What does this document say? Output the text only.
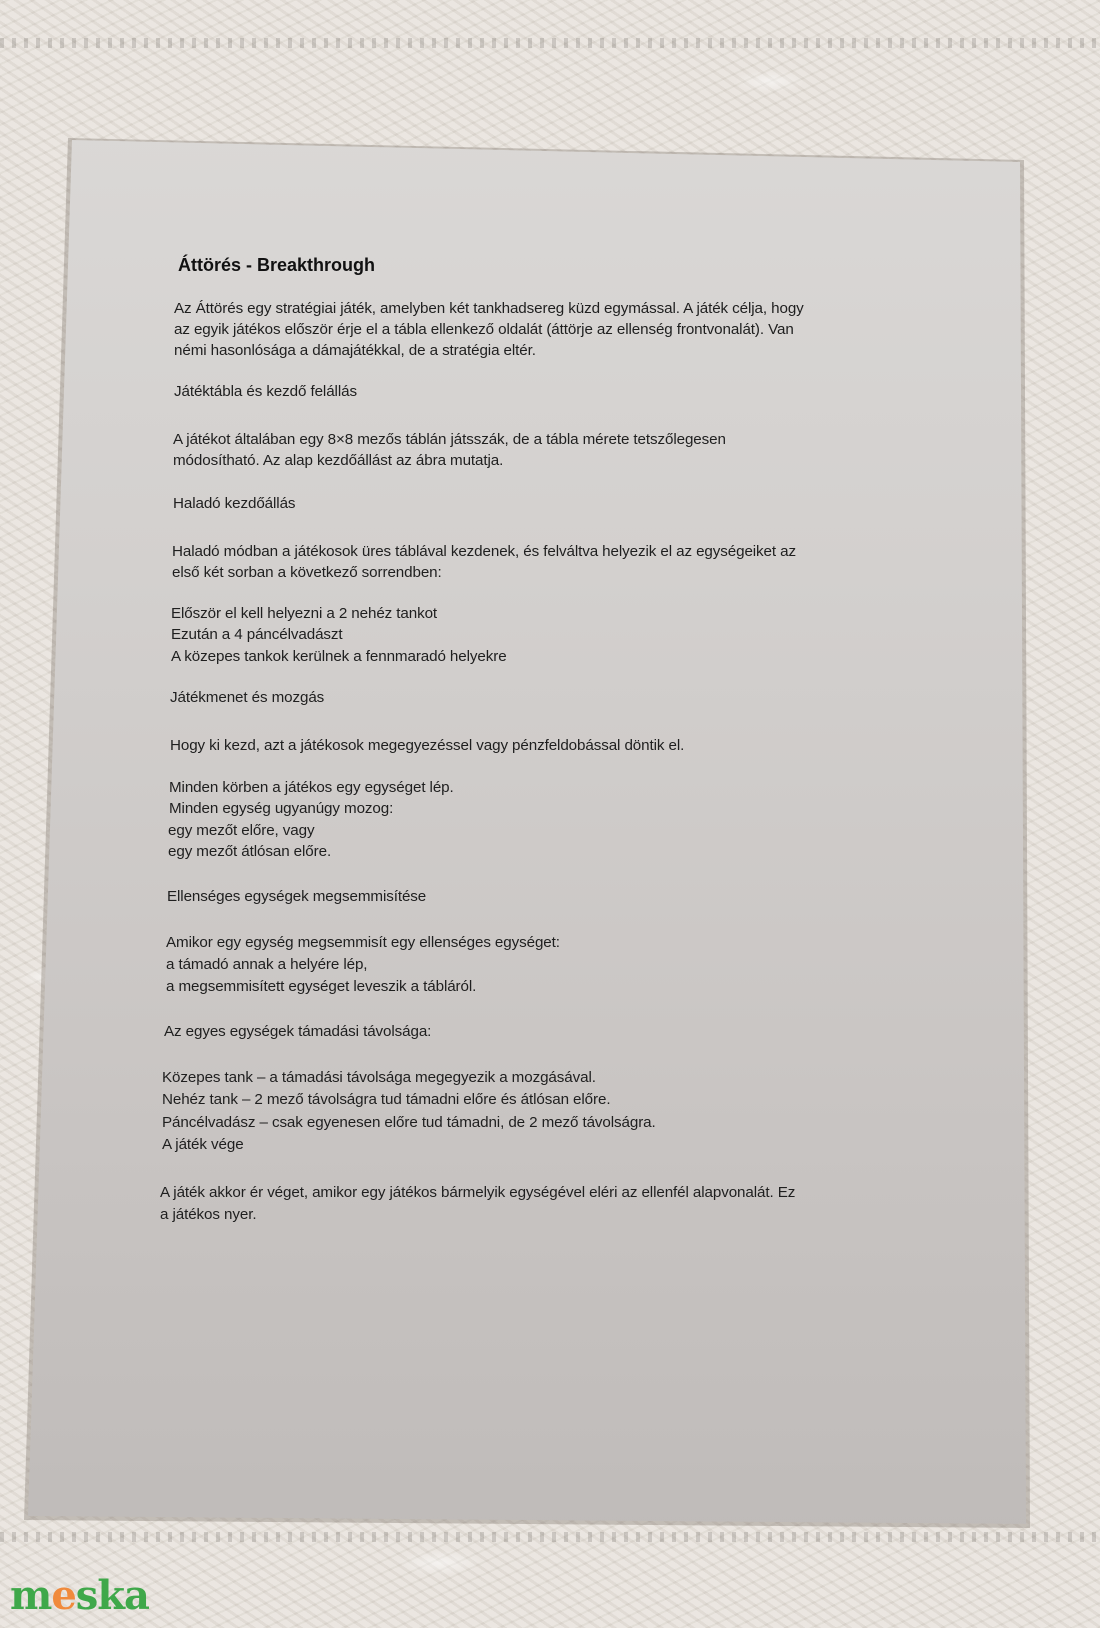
Áttörés - Breakthrough
Az Áttörés egy stratégiai játék, amelyben két tankhadsereg küzd egymással. A játék célja, hogy
az egyik játékos először érje el a tábla ellenkező oldalát (áttörje az ellenség frontvonalát). Van
némi hasonlósága a dámajátékkal, de a stratégia eltér.
Játéktábla és kezdő felállás
A játékot általában egy 8×8 mezős táblán játsszák, de a tábla mérete tetszőlegesen
módosítható. Az alap kezdőállást az ábra mutatja.
Haladó kezdőállás
Haladó módban a játékosok üres táblával kezdenek, és felváltva helyezik el az egységeiket az
első két sorban a következő sorrendben:
Először el kell helyezni a 2 nehéz tankot
Ezután a 4 páncélvadászt
A közepes tankok kerülnek a fennmaradó helyekre
Játékmenet és mozgás
Hogy ki kezd, azt a játékosok megegyezéssel vagy pénzfeldobással döntik el.
Minden körben a játékos egy egységet lép.
Minden egység ugyanúgy mozog:
egy mezőt előre, vagy
egy mezőt átlósan előre.
Ellenséges egységek megsemmisítése
Amikor egy egység megsemmisít egy ellenséges egységet:
a támadó annak a helyére lép,
a megsemmisített egységet leveszik a tábláról.
Az egyes egységek támadási távolsága:
Közepes tank – a támadási távolsága megegyezik a mozgásával.
Nehéz tank – 2 mező távolságra tud támadni előre és átlósan előre.
Páncélvadász – csak egyenesen előre tud támadni, de 2 mező távolságra.
A játék vége
A játék akkor ér véget, amikor egy játékos bármelyik egységével eléri az ellenfél alapvonalát. Ez
a játékos nyer.
meska
